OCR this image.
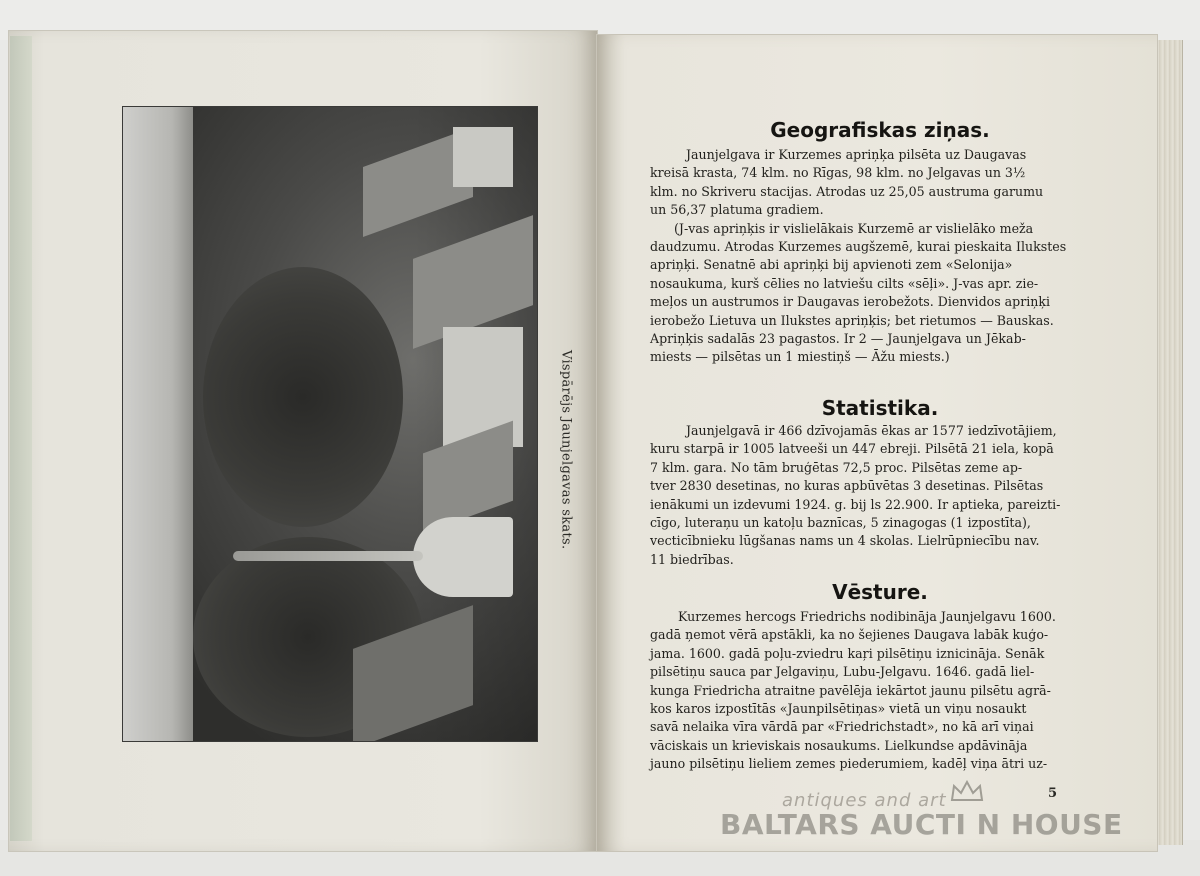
Vispārējs Jaunjelgavas skats.
Geografiskas ziņas.
Jaunjelgava ir Kurzemes apriņķa pilsēta uz Daugavas
kreisā krasta, 74 klm. no Rīgas, 98 klm. no Jelgavas un 3½
klm. no Skriveru stacijas. Atrodas uz 25,05 austruma garumu
un 56,37 platuma gradiem.
(J-vas apriņķis ir vislielākais Kurzemē ar vislielāko meža
daudzumu. Atrodas Kurzemes augšzemē, kurai pieskaita Ilukstes
apriņķi. Senatnē abi apriņķi bij apvienoti zem «Selonija»
nosaukuma, kurš cēlies no latviešu cilts «sēļi». J-vas apr. zie-
meļos un austrumos ir Daugavas ierobežots. Dienvidos apriņķi
ierobežo Lietuva un Ilukstes apriņķis; bet rietumos — Bauskas.
Apriņķis sadalās 23 pagastos. Ir 2 — Jaunjelgava un Jēkab-
miests — pilsētas un 1 miestiņš — Āžu miests.)
Statistika.
Jaunjelgavā ir 466 dzīvojamās ēkas ar 1577 iedzīvotājiem,
kuru starpā ir 1005 latveeši un 447 ebreji. Pilsētā 21 iela, kopā
7 klm. gara. No tām bruģētas 72,5 proc. Pilsētas zeme ap-
tver 2830 desetinas, no kuras apbūvētas 3 desetinas. Pilsētas
ienākumi un izdevumi 1924. g. bij ls 22.900. Ir aptieka, pareizti-
cīgo, luteraņu un katoļu baznīcas, 5 zinagogas (1 izpostīta),
vecticībnieku lūgšanas nams un 4 skolas. Lielrūpniecību nav.
11 biedrības.
Vēsture.
Kurzemes hercogs Friedrichs nodibināja Jaunjelgavu 1600.
gadā ņemot vērā apstākli, ka no šejienes Daugava labāk kuģo-
jama. 1600. gadā poļu-zviedru kaŗi pilsētiņu iznicināja. Senāk
pilsētiņu sauca par Jelgaviņu, Lubu-Jelgavu. 1646. gadā liel-
kunga Friedricha atraitne pavēlēja iekārtot jaunu pilsētu agrā-
kos karos izpostītās «Jaunpilsētiņas» vietā un viņu nosaukt
savā nelaika vīra vārdā par «Friedrichstadt», no kā arī viņai
vāciskais un krieviskais nosaukums. Lielkundse apdāvināja
jauno pilsētiņu lieliem zemes piederumiem, kadēļ viņa ātri uz-
5
antiques and art
BALTARS AUCTI N HOUSE
